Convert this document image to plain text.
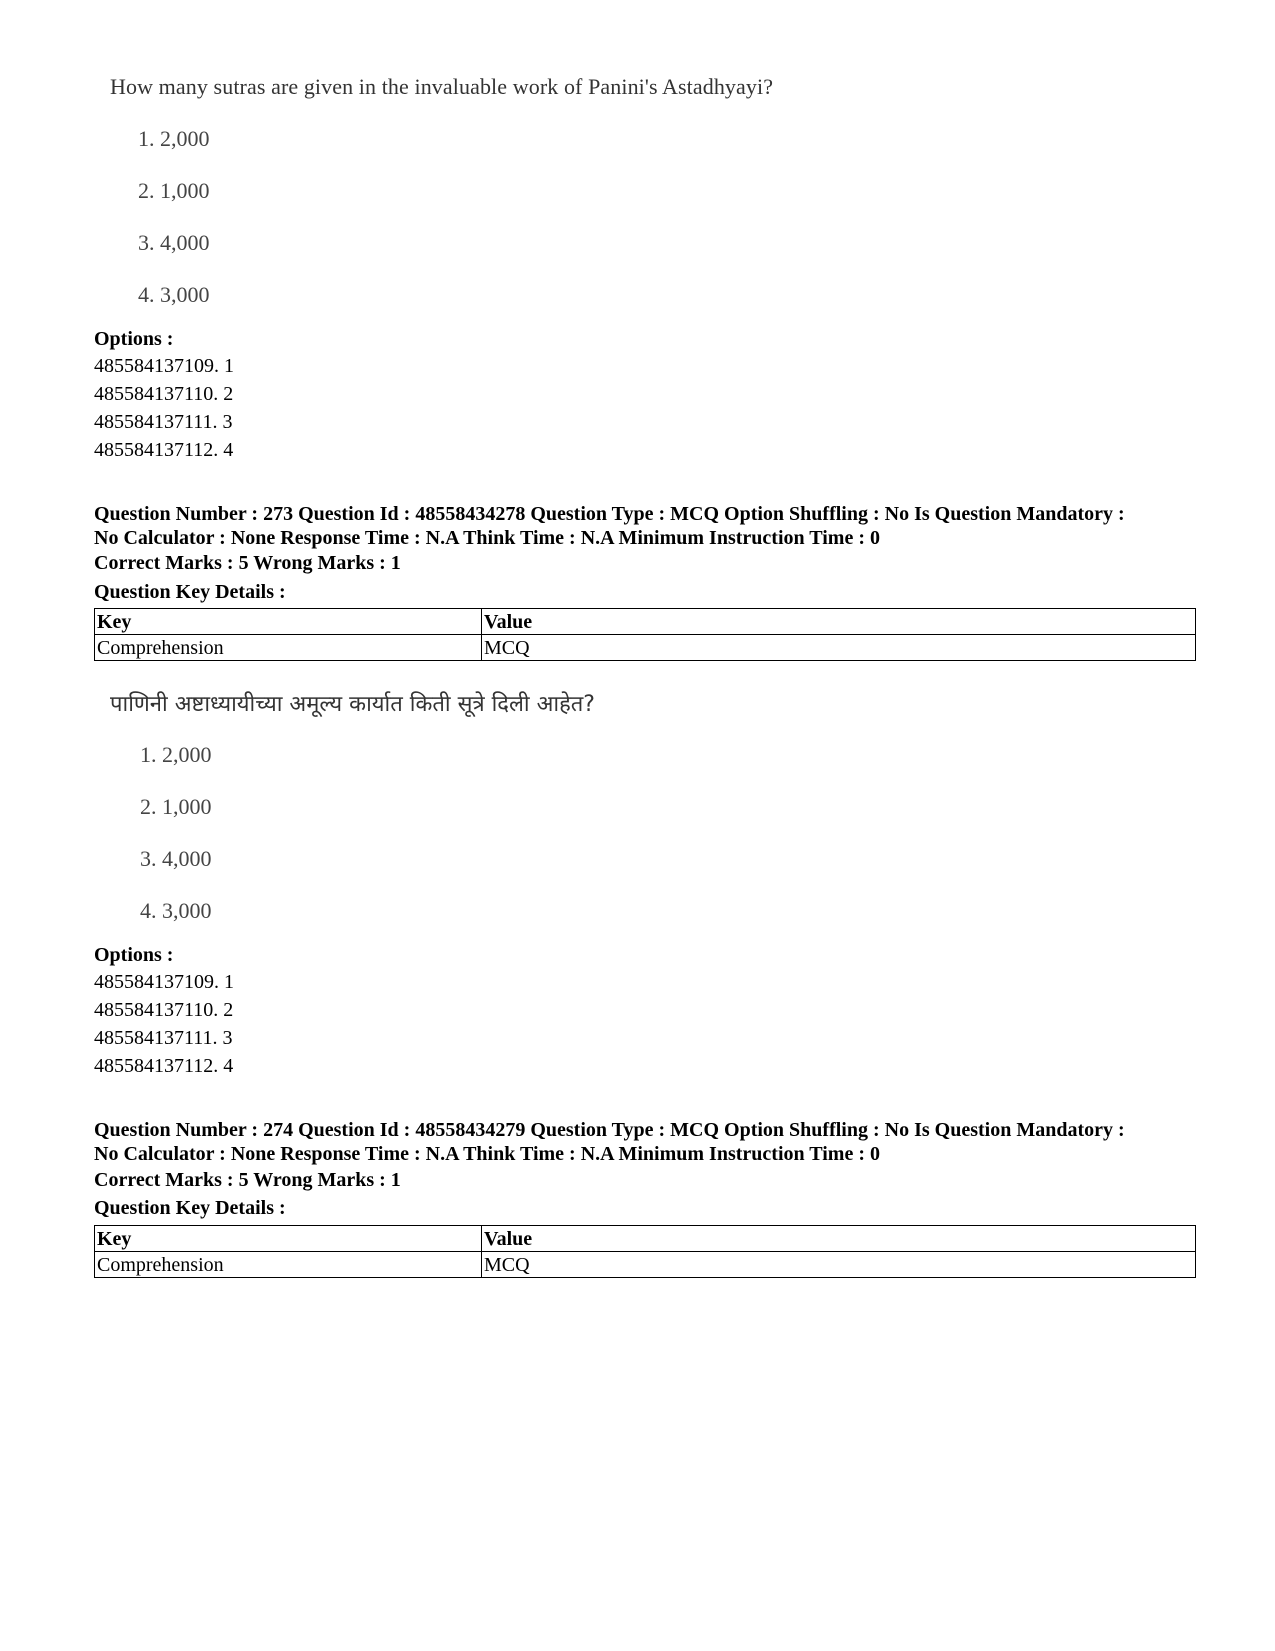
How many sutras are given in the invaluable work of Panini's Astadhyayi?
1. 2,000
2. 1,000
3. 4,000
4. 3,000
Options :
485584137109. 1
485584137110. 2
485584137111. 3
485584137112. 4
Question Number : 273 Question Id : 48558434278 Question Type : MCQ Option Shuffling : No Is Question Mandatory :
No Calculator : None Response Time : N.A Think Time : N.A Minimum Instruction Time : 0
Correct Marks : 5 Wrong Marks : 1
Question Key Details :
Key	Value
Comprehension	MCQ
पाणिनी अष्टाध्यायीच्या अमूल्य कार्यात किती सूत्रे दिली आहेत?
1. 2,000
2. 1,000
3. 4,000
4. 3,000
Options :
485584137109. 1
485584137110. 2
485584137111. 3
485584137112. 4
Question Number : 274 Question Id : 48558434279 Question Type : MCQ Option Shuffling : No Is Question Mandatory :
No Calculator : None Response Time : N.A Think Time : N.A Minimum Instruction Time : 0
Correct Marks : 5 Wrong Marks : 1
Question Key Details :
Key	Value
Comprehension	MCQ
